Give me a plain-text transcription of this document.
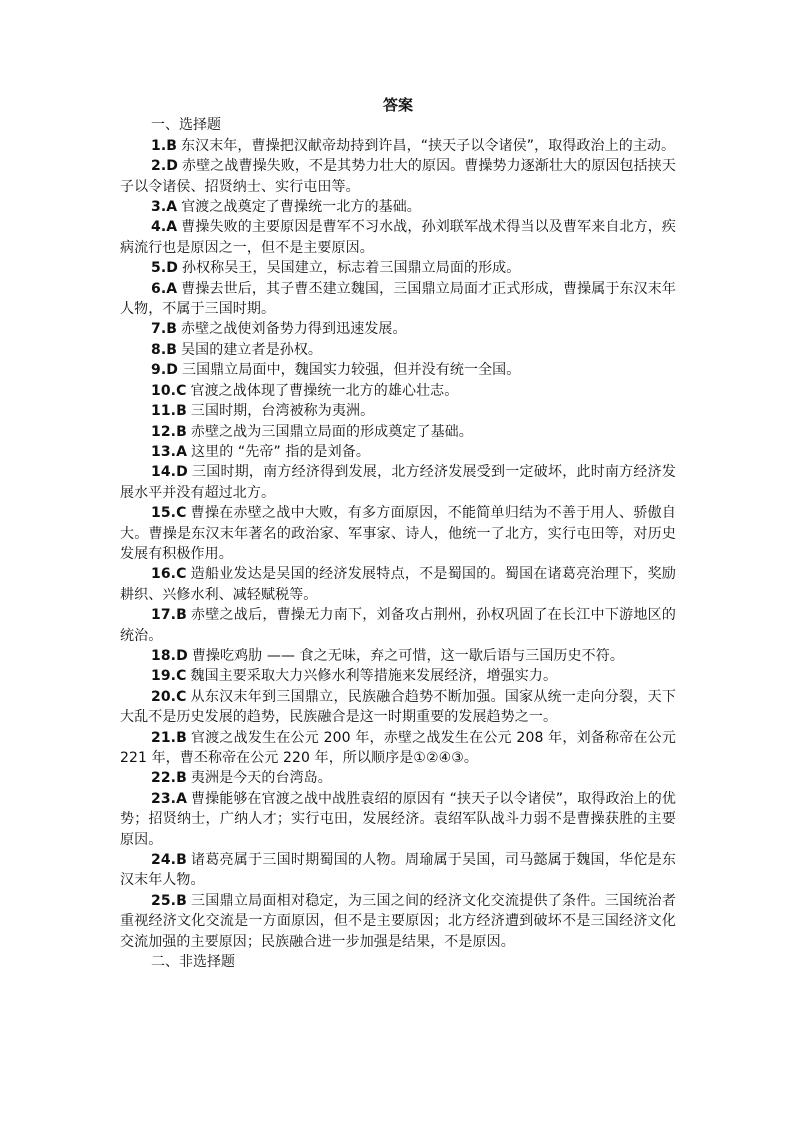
答案

一、选择题

1.B 东汉末年，曹操把汉献帝劫持到许昌，“挟天子以令诸侯”，取得政治上的主动。

2.D 赤壁之战曹操失败，不是其势力壮大的原因。曹操势力逐渐壮大的原因包括挟天子以令诸侯、招贤纳士、实行屯田等。

3.A 官渡之战奠定了曹操统一北方的基础。

4.A 曹操失败的主要原因是曹军不习水战，孙刘联军战术得当以及曹军来自北方，疾病流行也是原因之一，但不是主要原因。

5.D 孙权称吴王，吴国建立，标志着三国鼎立局面的形成。

6.A 曹操去世后，其子曹丕建立魏国，三国鼎立局面才正式形成，曹操属于东汉末年人物，不属于三国时期。

7.B 赤壁之战使刘备势力得到迅速发展。

8.B 吴国的建立者是孙权。

9.D 三国鼎立局面中，魏国实力较强，但并没有统一全国。

10.C 官渡之战体现了曹操统一北方的雄心壮志。

11.B 三国时期，台湾被称为夷洲。

12.B 赤壁之战为三国鼎立局面的形成奠定了基础。

13.A 这里的 “先帝” 指的是刘备。

14.D 三国时期，南方经济得到发展，北方经济发展受到一定破坏，此时南方经济发展水平并没有超过北方。

15.C 曹操在赤壁之战中大败，有多方面原因，不能简单归结为不善于用人、骄傲自大。曹操是东汉末年著名的政治家、军事家、诗人，他统一了北方，实行屯田等，对历史发展有积极作用。

16.C 造船业发达是吴国的经济发展特点，不是蜀国的。蜀国在诸葛亮治理下，奖励耕织、兴修水利、减轻赋税等。

17.B 赤壁之战后，曹操无力南下，刘备攻占荆州，孙权巩固了在长江中下游地区的统治。

18.D 曹操吃鸡肋 —— 食之无味，弃之可惜，这一歇后语与三国历史不符。

19.C 魏国主要采取大力兴修水利等措施来发展经济，增强实力。

20.C 从东汉末年到三国鼎立，民族融合趋势不断加强。国家从统一走向分裂，天下大乱不是历史发展的趋势，民族融合是这一时期重要的发展趋势之一。

21.B 官渡之战发生在公元 200 年，赤壁之战发生在公元 208 年，刘备称帝在公元 221 年，曹丕称帝在公元 220 年，所以顺序是①②④③。

22.B 夷洲是今天的台湾岛。

23.A 曹操能够在官渡之战中战胜袁绍的原因有 “挟天子以令诸侯”，取得政治上的优势；招贤纳士，广纳人才；实行屯田，发展经济。袁绍军队战斗力弱不是曹操获胜的主要原因。

24.B 诸葛亮属于三国时期蜀国的人物。周瑜属于吴国，司马懿属于魏国，华佗是东汉末年人物。

25.B 三国鼎立局面相对稳定，为三国之间的经济文化交流提供了条件。三国统治者重视经济文化交流是一方面原因，但不是主要原因；北方经济遭到破坏不是三国经济文化交流加强的主要原因；民族融合进一步加强是结果，不是原因。

二、非选择题
